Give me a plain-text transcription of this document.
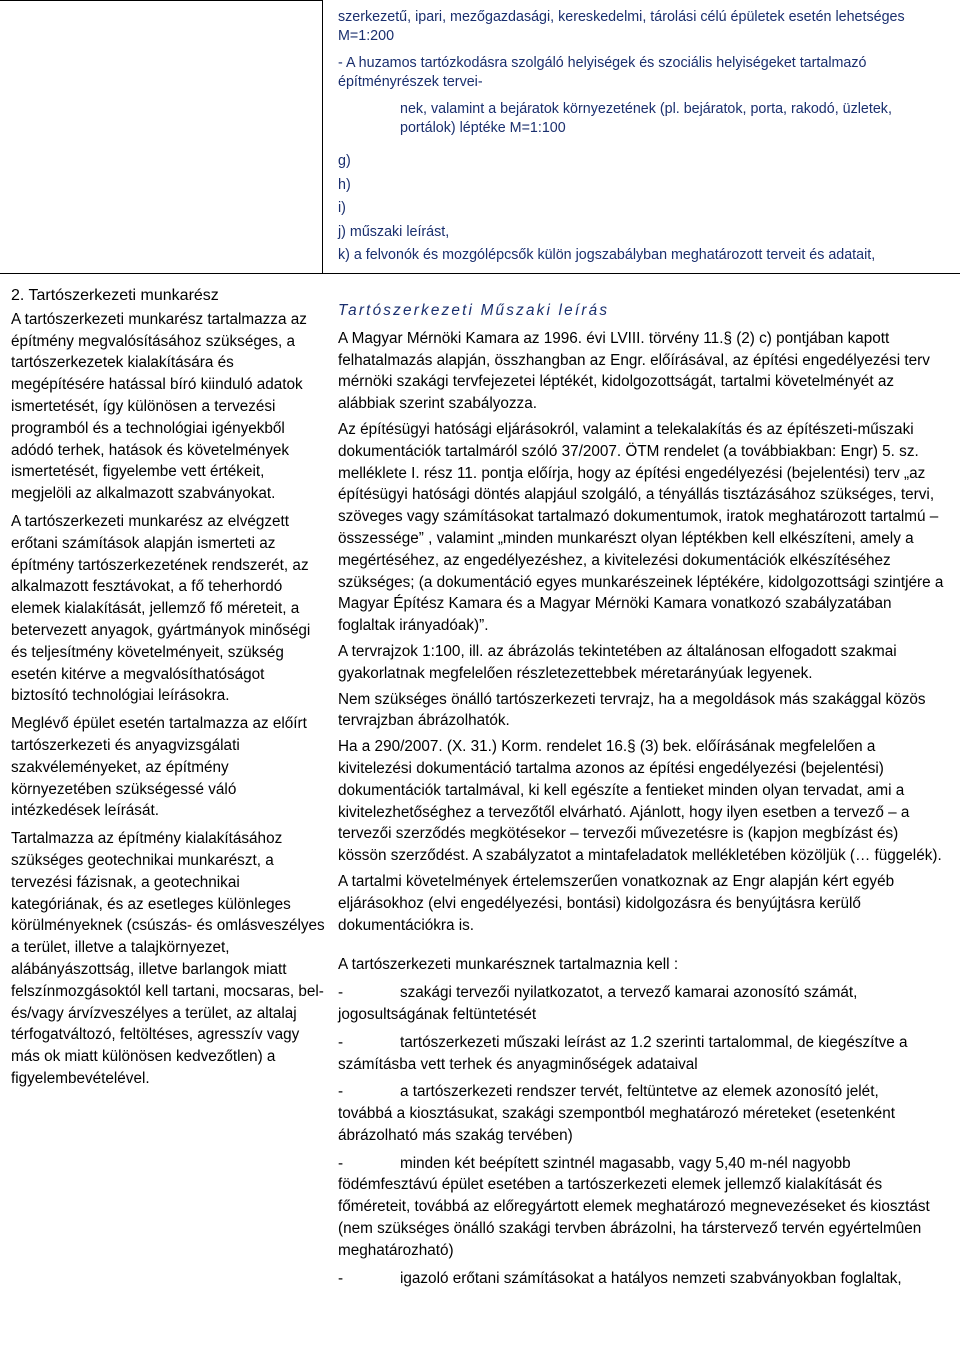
szerkezetű, ipari, mezőgazdasági, kereskedelmi, tárolási célú épületek esetén lehetséges M=1:200

- A huzamos tartózkodásra szolgáló helyiségek és szociális helyiségeket tartalmazó építményrészek tervei-

nek, valamint a bejáratok környezetének (pl. bejáratok, porta, rakodó, üzletek, portálok) léptéke M=1:100

g)
h)
i)
j) műszaki leírást,
k) a felvonók és mozgólépcsők külön jogszabályban meghatározott terveit és adatait,

2. Tartószerkezeti munkarész

A tartószerkezeti munkarész tartalmazza az építmény megvalósításához szükséges, a tartószerkezetek kialakítására és megépítésére hatással bíró kiinduló adatok ismertetését, így különösen a tervezési programból és a technológiai igényekből adódó terhek, hatások és követelmények ismertetését, figyelembe vett értékeit, megjelöli az alkalmazott szabványokat.

A tartószerkezeti munkarész az elvégzett erőtani számítások alapján ismerteti az építmény tartószerkezetének rendszerét, az alkalmazott fesztávokat, a fő teherhordó elemek kialakítását, jellemző fő méreteit, a betervezett anyagok, gyártmányok minőségi és teljesítmény követelményeit, szükség esetén kitérve a megvalósíthatóságot biztosító technológiai leírásokra.

Meglévő épület esetén tartalmazza az előírt tartószerkezeti és anyagvizsgálati szakvéleményeket, az építmény környezetében szükségessé váló intézkedések leírását.

Tartalmazza az építmény kialakításához szükséges geotechnikai munkarészt, a tervezési fázisnak, a geotechnikai kategóriának, és az esetleges különleges körülményeknek (csúszás- és omlásveszélyes a terület, illetve a talajkörnyezet, alábányászottság, illetve barlangok miatt felszínmozgásoktól kell tartani, mocsaras, bel- és/vagy árvízveszélyes a terület, az altalaj térfogatváltozó, feltöltéses, agresszív vagy más ok miatt különösen kedvezőtlen) a figyelembevételével.

Tartószerkezeti Műszaki leírás

A Magyar Mérnöki Kamara az 1996. évi LVIII. törvény 11.§ (2) c) pontjában kapott felhatalmazás alapján, összhangban az Engr. előírásával, az építési engedélyezési terv mérnöki szakági tervfejezetei léptékét, kidolgozottságát, tartalmi követelményét az alábbiak szerint szabályozza.

Az építésügyi hatósági eljárásokról, valamint a telekalakítás és az építészeti-műszaki dokumentációk tartalmáról szóló 37/2007. ÖTM rendelet (a továbbiakban: Engr) 5. sz. melléklete I. rész 11. pontja előírja, hogy az építési engedélyezési (bejelentési) terv „az építésügyi hatósági döntés alapjául szolgáló, a tényállás tisztázásához szükséges, tervi, szöveges vagy számításokat tartalmazó dokumentumok, iratok meghatározott tartalmú – összessége” , valamint „minden munkarészt olyan léptékben kell elkészíteni, amely a megértéséhez, az engedélyezéshez, a kivitelezési dokumentációk elkészítéséhez szükséges; (a dokumentáció egyes munkarészeinek léptékére, kidolgozottsági szintjére a Magyar Építész Kamara és a Magyar Mérnöki Kamara vonatkozó szabályzatában foglaltak irányadóak)”.

A tervrajzok 1:100, ill. az ábrázolás tekintetében az általánosan elfogadott szakmai gyakorlatnak megfelelően részletezettebbek méretarányúak legyenek.

Nem szükséges önálló tartószerkezeti tervrajz, ha a megoldások más szakággal közös tervrajzban ábrázolhatók.

Ha a 290/2007. (X. 31.) Korm. rendelet 16.§ (3) bek. előírásának megfelelően a kivitelezési dokumentáció tartalma azonos az építési engedélyezési (bejelentési) dokumentációk tartalmával, ki kell egészíte a fentieket minden olyan tervadat, ami a kivitelezhetőséghez a tervezőtől elvárható. Ajánlott, hogy ilyen esetben a tervező – a tervezői szerződés megkötésekor – tervezői művezetésre is (kapjon megbízást és) kössön szerződést. A szabályzatot a mintafeladatok mellékletében közöljük (… függelék).

A tartalmi követelmények értelemszerűen vonatkoznak az Engr alapján kért egyéb eljárásokhoz (elvi engedélyezési, bontási) kidolgozásra és benyújtásra kerülő dokumentációkra is.

A tartószerkezeti munkarésznek tartalmaznia kell :

-	szakági tervezői nyilatkozatot, a tervező kamarai azonosító számát,
jogosultságának feltüntetését

-	tartószerkezeti műszaki leírást az 1.2 szerinti tartalommal, de kiegészítve a
számításba vett terhek és anyagminőségek adataival

-	a tartószerkezeti rendszer tervét, feltüntetve az elemek azonosító jelét,
továbbá a kiosztásukat, szakági szempontból meghatározó méreteket (esetenként ábrázolható más szakág tervében)

-	minden két beépített szintnél magasabb, vagy 5,40 m-nél nagyobb
födémfesztávú épület esetében a tartószerkezeti elemek jellemző kialakítását és főméreteit, továbbá az előregyártott elemek meghatározó megnevezéseket és kiosztást (nem szükséges önálló szakági tervben ábrázolni, ha társtervező tervén egyértelmûen meghatározható)

-	igazoló erőtani számításokat a hatályos nemzeti szabványokban foglaltak,
